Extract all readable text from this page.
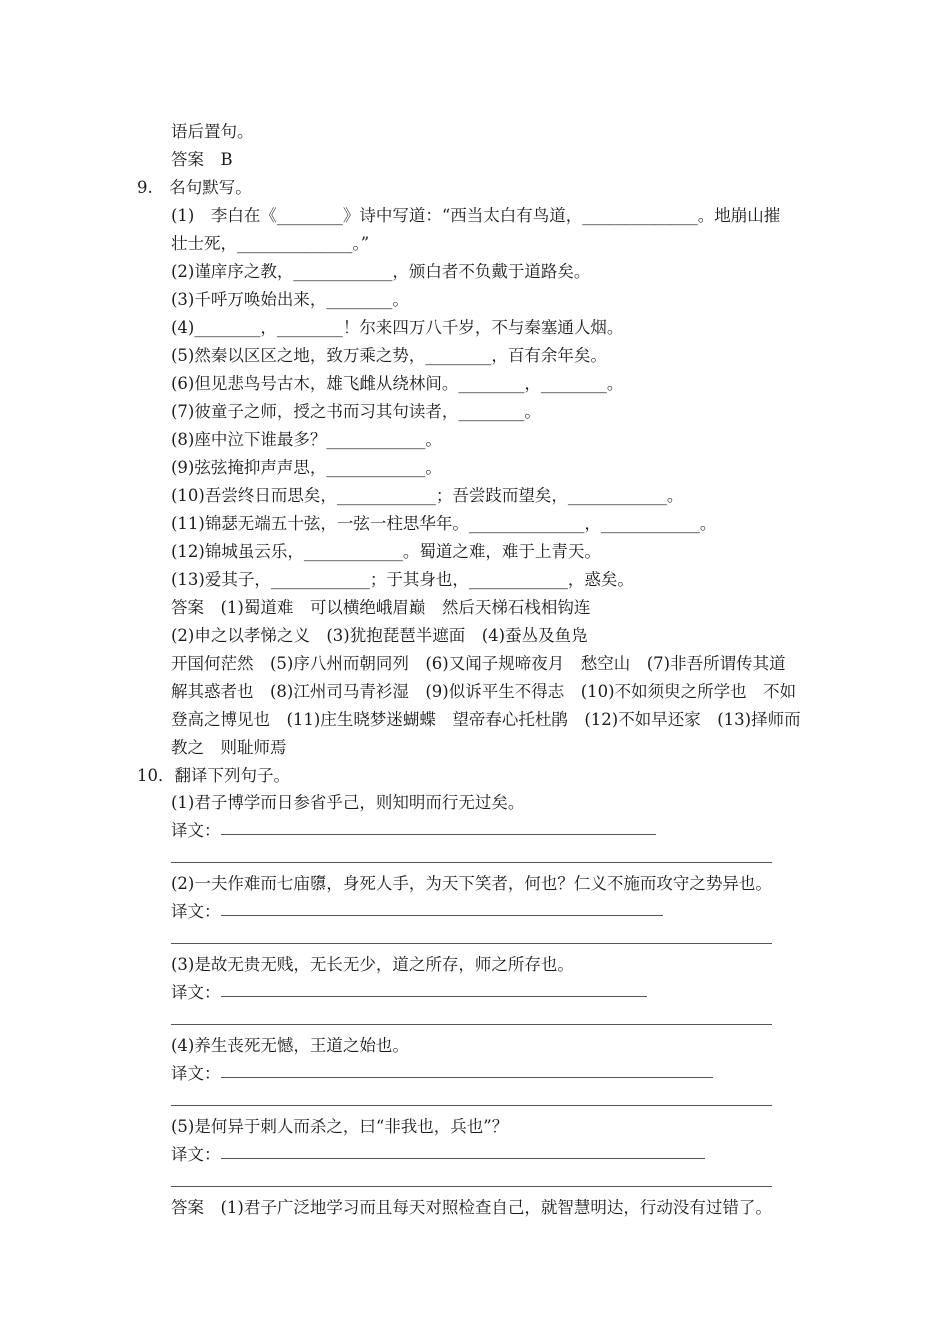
语后置句。
答案　B
9.　名句默写。
(1)　李白在《________》诗中写道：“西当太白有鸟道，______________。地崩山摧
壮士死，______________。”
(2)谨庠序之教，____________，颁白者不负戴于道路矣。
(3)千呼万唤始出来，________。
(4)________，________！尔来四万八千岁，不与秦塞通人烟。
(5)然秦以区区之地，致万乘之势，________，百有余年矣。
(6)但见悲鸟号古木，雄飞雌从绕林间。________，________。
(7)彼童子之师，授之书而习其句读者，________。
(8)座中泣下谁最多？____________。
(9)弦弦掩抑声声思，____________。
(10)吾尝终日而思矣，____________；吾尝跂而望矣，____________。
(11)锦瑟无端五十弦，一弦一柱思华年。______________，____________。
(12)锦城虽云乐，____________。蜀道之难，难于上青天。
(13)爱其子，____________；于其身也，____________，惑矣。
答案　(1)蜀道难　可以横绝峨眉巅　然后天梯石栈相钩连
(2)申之以孝悌之义　(3)犹抱琵琶半遮面　(4)蚕丛及鱼凫
开国何茫然　(5)序八州而朝同列　(6)又闻子规啼夜月　愁空山　(7)非吾所谓传其道
解其惑者也　(8)江州司马青衫湿　(9)似诉平生不得志　(10)不如须臾之所学也　不如
登高之博见也　(11)庄生晓梦迷蝴蝶　望帝春心托杜鹃　(12)不如早还家　(13)择师而
教之　则耻师焉
10．翻译下列句子。
(1)君子博学而日参省乎己，则知明而行无过矣。
译文：
(2)一夫作难而七庙隳，身死人手，为天下笑者，何也？仁义不施而攻守之势异也。
译文：
(3)是故无贵无贱，无长无少，道之所存，师之所存也。
译文：
(4)养生丧死无憾，王道之始也。
译文：
(5)是何异于刺人而杀之，曰“非我也，兵也”？
译文：
答案　(1)君子广泛地学习而且每天对照检查自己，就智慧明达，行动没有过错了。
